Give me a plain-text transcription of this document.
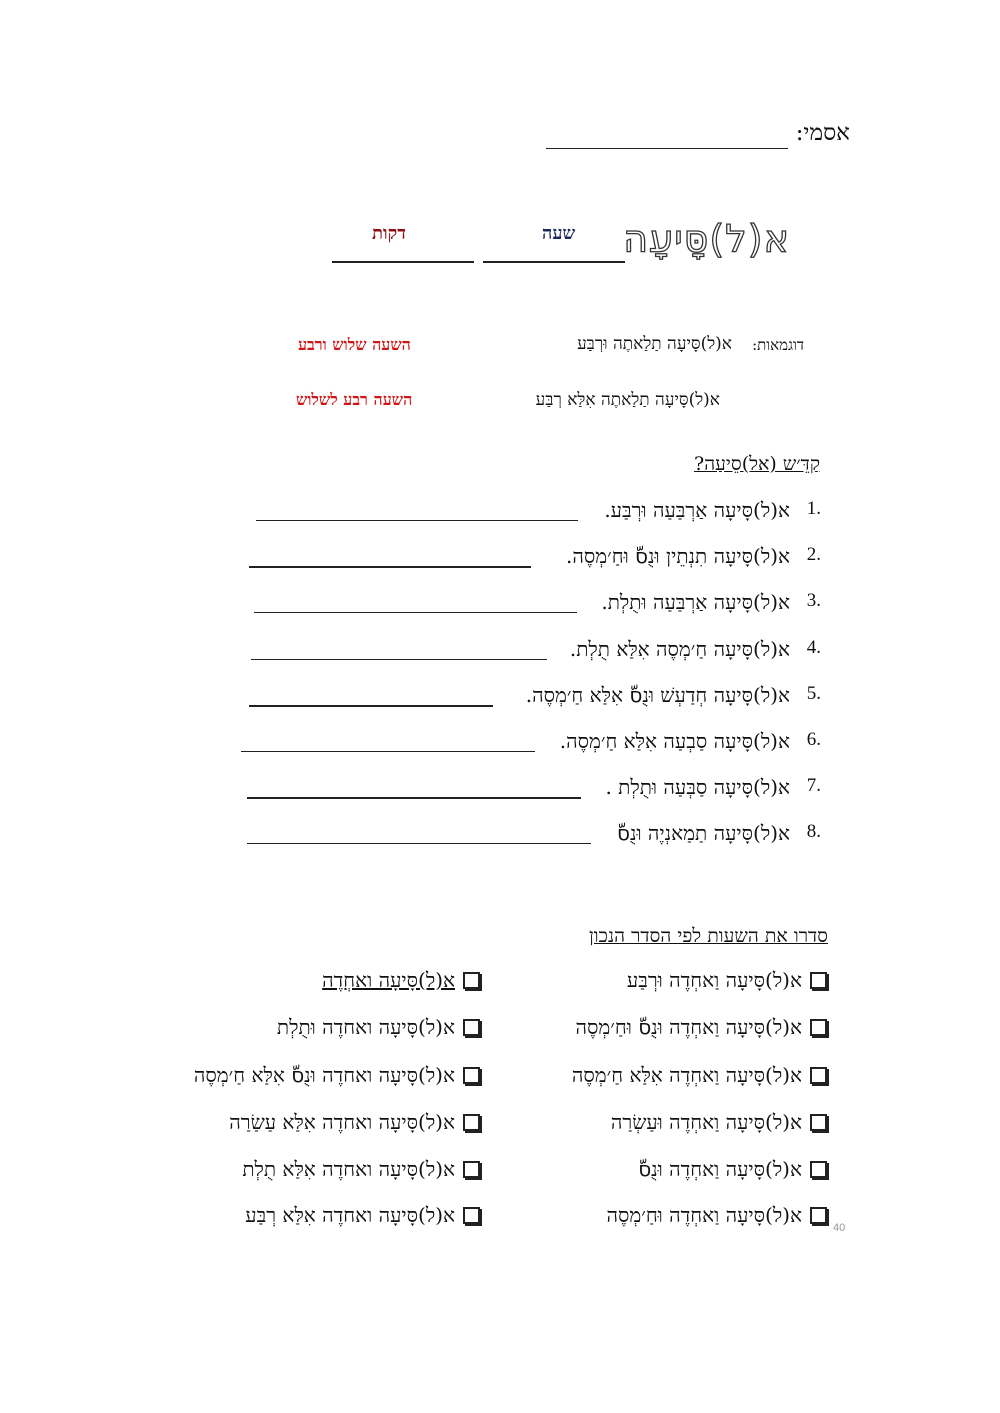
אסמי:
א(ל)סָּיעָה
שעה
דקות
דוגמאות:
א(ל)סָּיעָה תַלַאתֶה וּרְבַּע
השעה שלוש ורבע
א(ל)סָּיעָה תַלַאתֶה אִלַּא רְבַּע
השעה רבע לשלוש
קַדֵּ׳ש (אל)סֵיעַה?
1.
א(ל)סָּיעָה אַרְבַּעַה וּרְבַּע.
2.
א(ל)סָּיעָה תִנְתֵין וּנֻסّ וּחַ׳מְסֶה.
3.
א(ל)סָּיעָה אַרְבַּעַה וּתֻלְת.
4.
א(ל)סָּיעָה חַ׳מְסֶה אִלַּא תֻלְת.
5.
א(ל)סָּיעָה חְדַעְשׁ וּנֻסّ אִלַּא חַ׳מְסֶה.
6.
א(ל)סָּיעָה סַבְעַה אִלַּא חַ׳מְסֶה.
7.
א(ל)סָּיעָה סַבְּעַה וּתֻלְת .
8.
א(ל)סָּיעָה תַמַאנְיֶה וּנֻסّ
סדרו את השעות לפי הסדר הנכון
א(ל)סָּיעָה וַאחְדֶה וּרְבַּע
א(ל)סָּיעָה וַאחְדֶה וּנֻסّ וּחַ׳מְסֶה
א(ל)סָּיעָה וַאחְדֶה אִלַּא חַ׳מְסֶה
א(ל)סָּיעָה וַאחְדֶה וּעַשְׂרַה
א(ל)סָּיעָה וַאחְדֶה וּנֻסّ
א(ל)סָּיעָה וַאחְדֶה וּחַ׳מְסֶה
א(ל)סָּיעָה ואחְדֶה
א(ל)סָּיעָה ואחדֶה וּתֻלְת
א(ל)סָּיעָה ואחדֶה וּנֻסّ אִלַּא חַ׳מְסֶה
א(ל)סָּיעָה ואחדֶה אִלַּא עַשַׂרַה
א(ל)סָּיעָה ואחדֶה אִלַּא תֻלְת
א(ל)סָּיעָה ואחדֶה אִלַּא רְבַּע
40
